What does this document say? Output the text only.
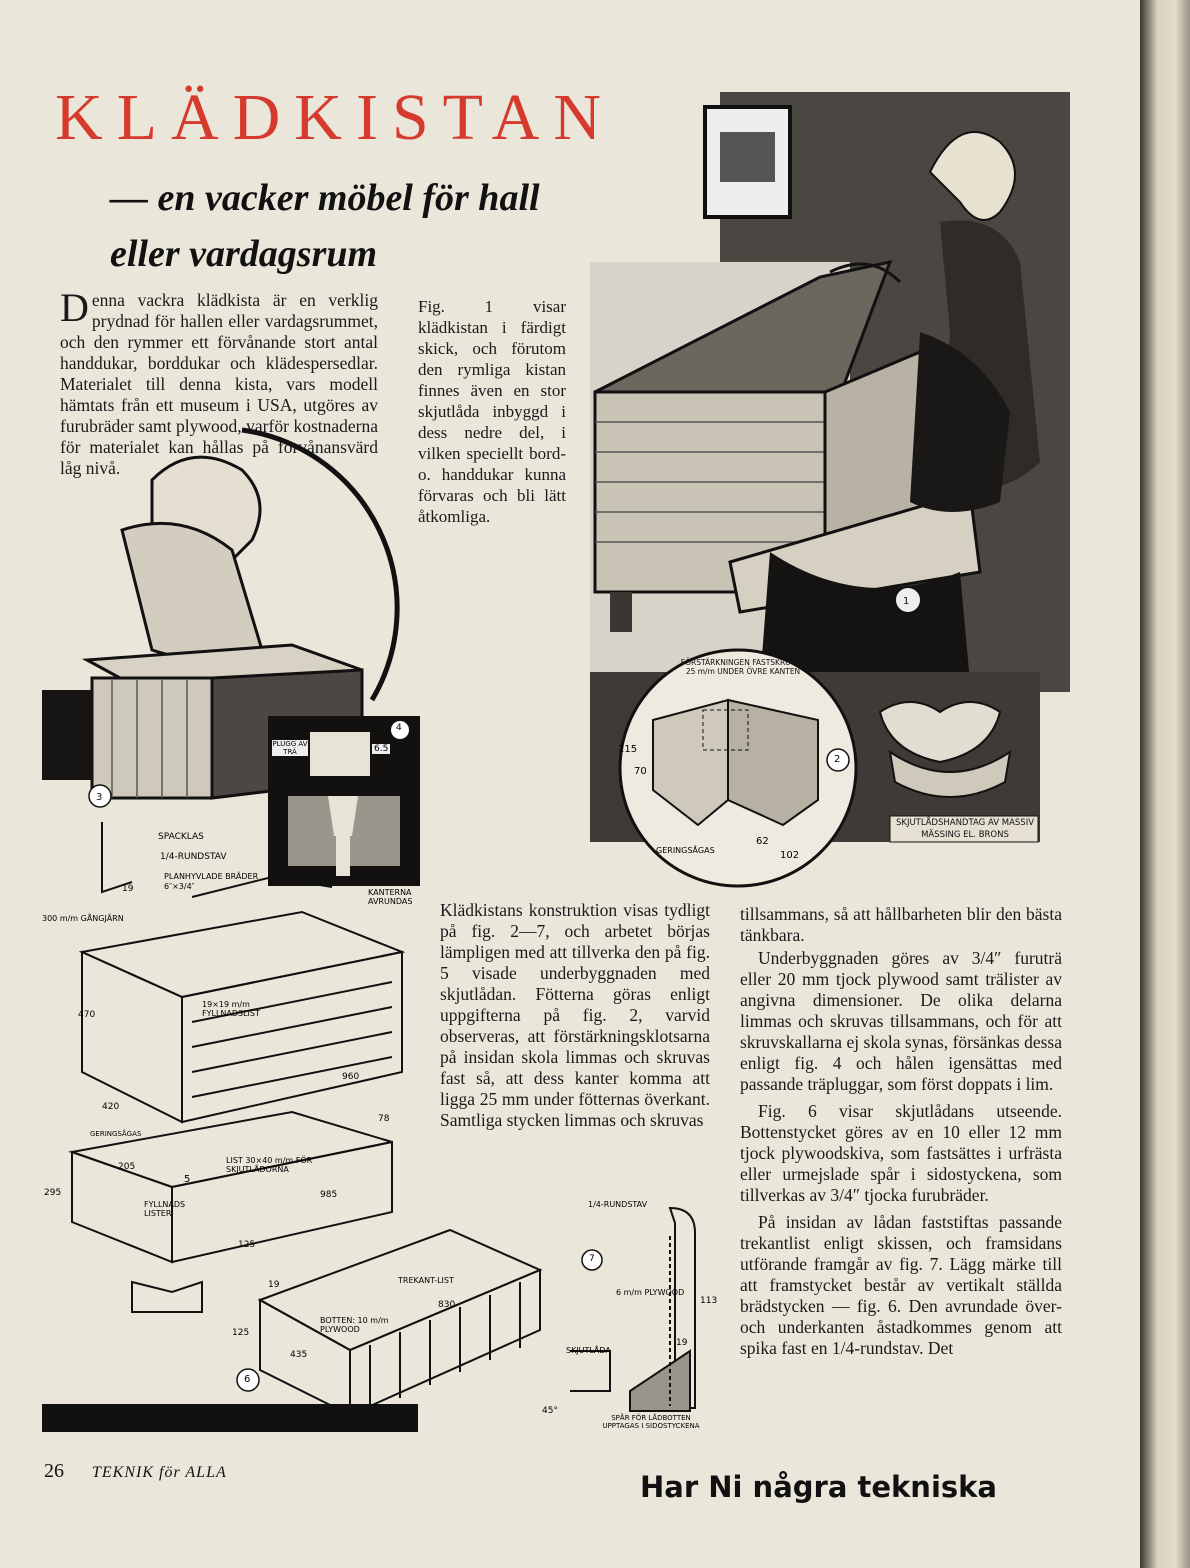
KLÄDKISTAN
— en vacker möbel för hall eller vardagsrum

Denna vackra klädkista är en verklig prydnad för hallen eller vardagsrummet, och den rymmer ett förvånande stort antal handdukar, borddukar och klädespersedlar. Materialet till denna kista, vars modell hämtats från ett museum i USA, utgöres av furubräder samt plywood, varför kostnaderna för materialet kan hållas på förvånansvärd låg nivå.

Fig. 1 visar klädkistan i färdigt skick, och förutom den rymliga kistan finnes även en stor skjutlåda inbyggd i dess nedre del, i vilken speciellt bord- o. handdukar kunna förvaras och bli lätt åtkomliga.

Klädkistans konstruktion visas tydligt på fig. 2—7, och arbetet börjas lämpligen med att tillverka den på fig. 5 visade underbyggnaden med skjutlådan. Fötterna göras enligt uppgifterna på fig. 2, varvid observeras, att förstärkningsklotsarna på insidan skola limmas och skruvas fast så, att dess kanter komma att ligga 25 mm under fötternas överkant. Samtliga stycken limmas och skruvas

tillsammans, så att hållbarheten blir den bästa tänkbara.

Underbyggnaden göres av 3/4″ furuträ eller 20 mm tjock plywood samt trälister av angivna dimensioner. De olika delarna limmas och skruvas tillsammans, och för att skruvskallarna ej skola synas, försänkas dessa enligt fig. 4 och hålen igensättas med passande träpluggar, som först doppats i lim.

Fig. 6 visar skjutlådans utseende. Bottenstycket göres av en 10 eller 12 mm tjock plywoodskiva, som fastsättes i urfrästa eller urmejslade spår i sidostyckena, som tillverkas av 3/4″ tjocka furubräder.

På insidan av lådan faststiftas passande trekantlist enligt skissen, och framsidans utförande framgår av fig. 7. Lägg märke till att framstycket består av vertikalt ställda brädstycken — fig. 6. Den avrundade över- och underkanten åstadkommes genom att spika fast en 1/4-rundstav. Det

1
SKJUTLÅDSHANDTAG AV MASSIV MÄSSING EL. BRONS
FÖRSTÄRKNINGEN FASTSKRUVAS 25 m/m UNDER ÖVRE KANTEN
115
70
62
102
GERINGSÅGAS
2
3
PLUGG AV TRÄ	6.5
4
SPACKLAS
1/4-RUNDSTAV
PLANHYVLADE BRÄDER 6″×3/4″
19
300 m/m GÅNGJÄRN
KANTERNA AVRUNDAS
19×19 m/m FYLLNADSLIST
470
960
420
78
GERINGSÅGAS
205
LIST 30×40 m/m FÖR SKJUTLÅDORNA
985
295
FYLLNADS LISTER
125
5
TREKANT-LIST
BOTTEN: 10 m/m PLYWOOD
830
435
125
19
6
1/4-RUNDSTAV
6 m/m PLYWOOD
SKJUTLÅDA
113
19
45°
SPÅR FÖR LÅDBOTTEN UPPTAGAS I SIDOSTYCKENA
7

26 TEKNIK för ALLA	Har Ni några tekniska
